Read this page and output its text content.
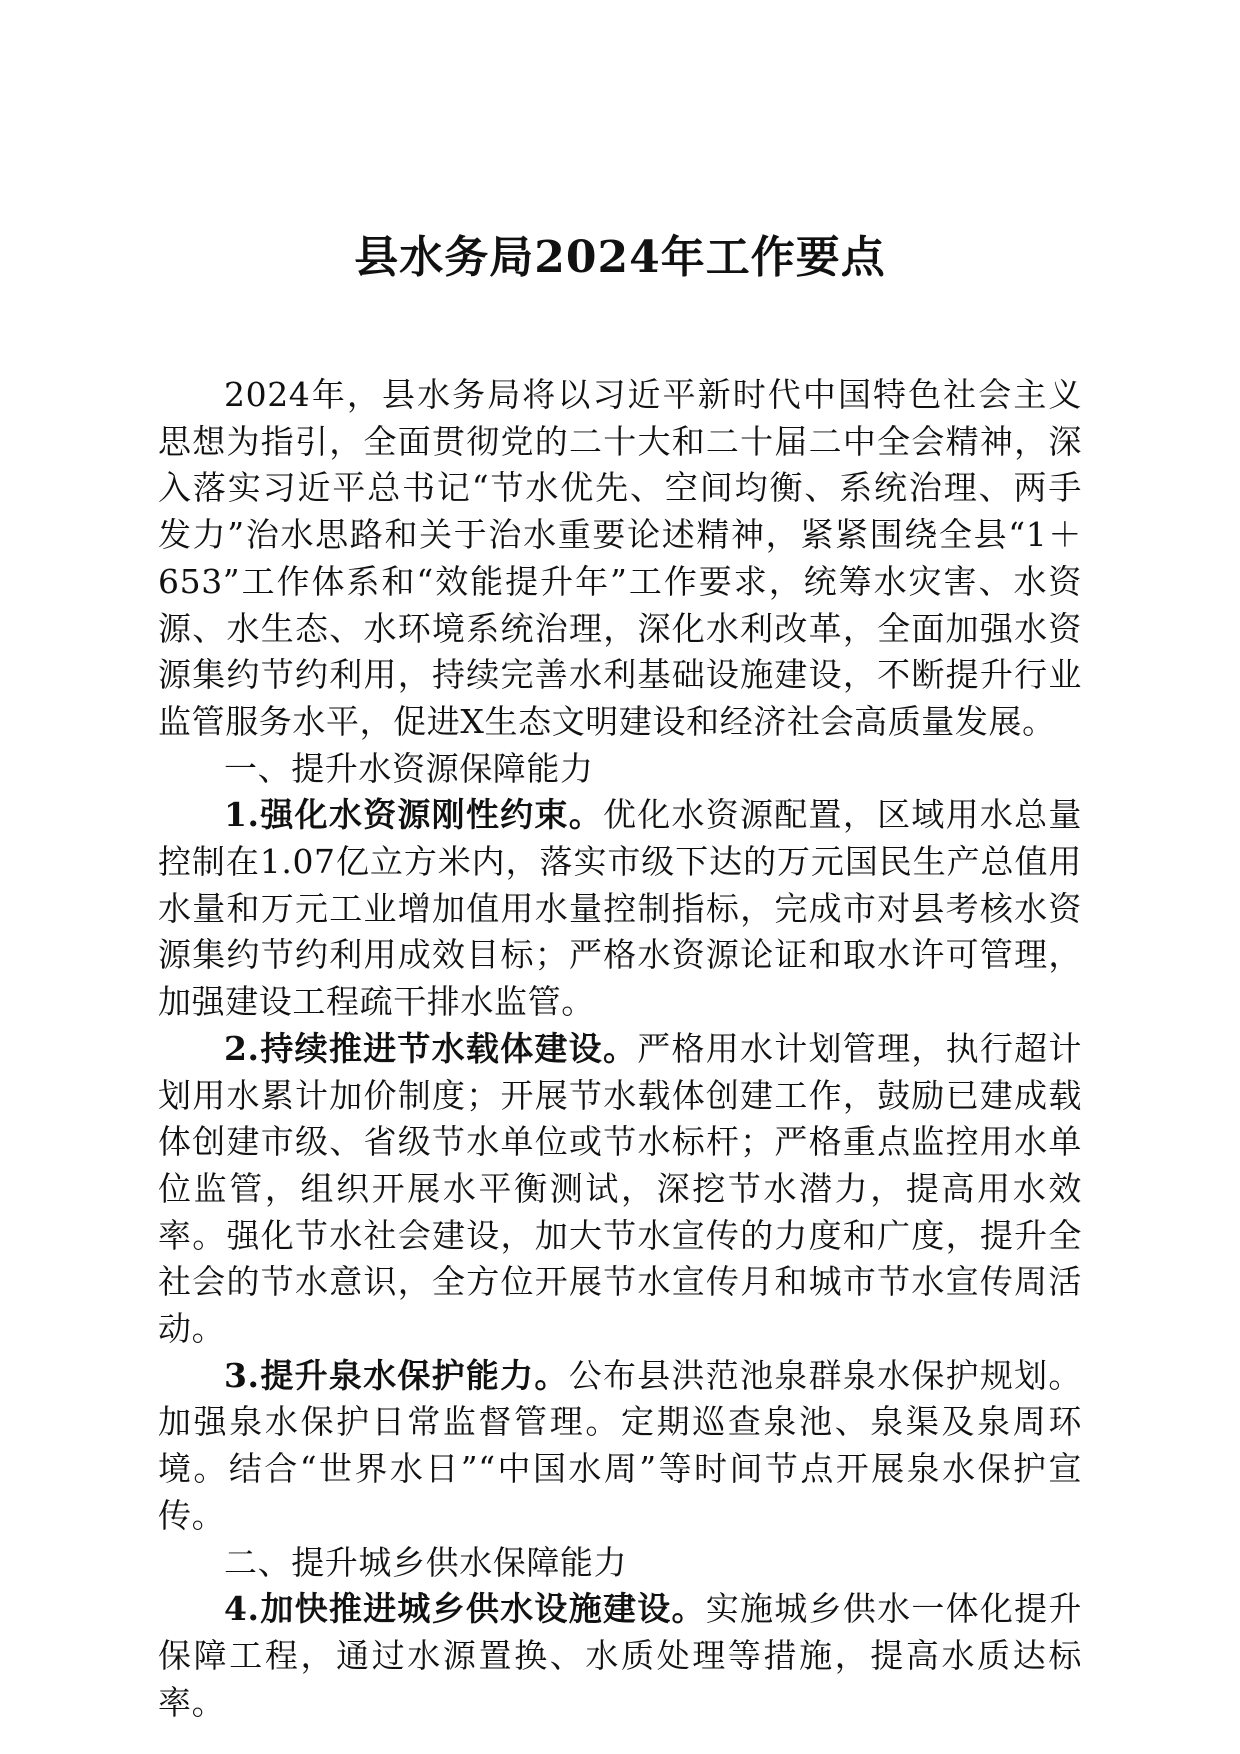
县水务局2024年工作要点

2024年，县水务局将以习近平新时代中国特色社会主义思想为指引，全面贯彻党的二十大和二十届二中全会精神，深入落实习近平总书记“节水优先、空间均衡、系统治理、两手发力”治水思路和关于治水重要论述精神，紧紧围绕全县“1＋653”工作体系和“效能提升年”工作要求，统筹水灾害、水资源、水生态、水环境系统治理，深化水利改革，全面加强水资源集约节约利用，持续完善水利基础设施建设，不断提升行业监管服务水平，促进X生态文明建设和经济社会高质量发展。

一、提升水资源保障能力

1.强化水资源刚性约束。优化水资源配置，区域用水总量控制在1.07亿立方米内，落实市级下达的万元国民生产总值用水量和万元工业增加值用水量控制指标，完成市对县考核水资源集约节约利用成效目标；严格水资源论证和取水许可管理，加强建设工程疏干排水监管。

2.持续推进节水载体建设。严格用水计划管理，执行超计划用水累计加价制度；开展节水载体创建工作，鼓励已建成载体创建市级、省级节水单位或节水标杆；严格重点监控用水单位监管，组织开展水平衡测试，深挖节水潜力，提高用水效率。强化节水社会建设，加大节水宣传的力度和广度，提升全社会的节水意识，全方位开展节水宣传月和城市节水宣传周活动。

3.提升泉水保护能力。公布县洪范池泉群泉水保护规划。加强泉水保护日常监督管理。定期巡查泉池、泉渠及泉周环境。结合“世界水日”“中国水周”等时间节点开展泉水保护宣传。

二、提升城乡供水保障能力

4.加快推进城乡供水设施建设。实施城乡供水一体化提升保障工程，通过水源置换、水质处理等措施，提高水质达标率。
